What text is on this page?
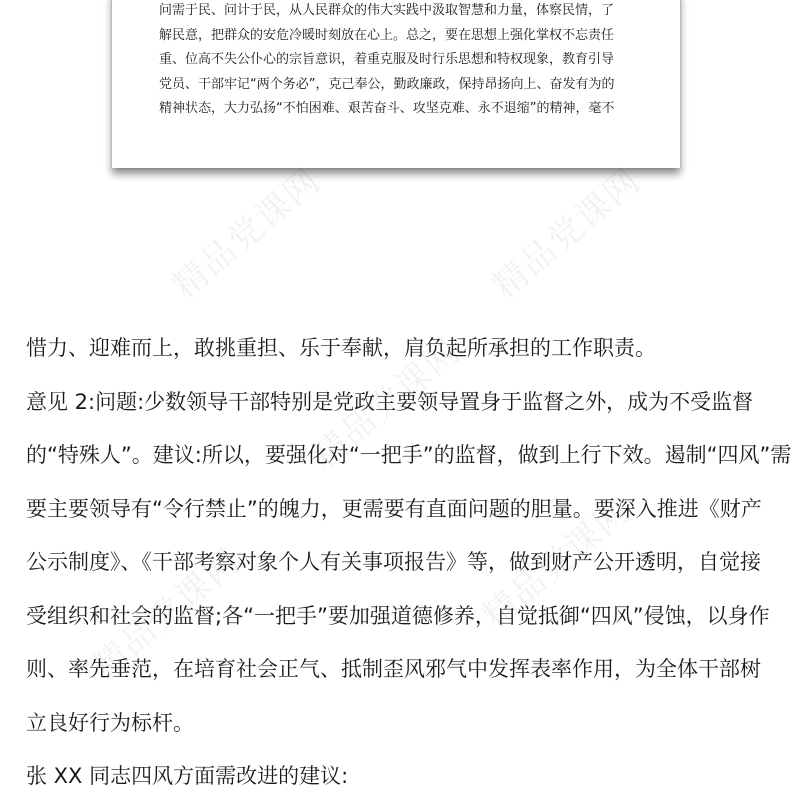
问需于民、问计于民，从人民群众的伟大实践中汲取智慧和力量，体察民情，了
解民意，把群众的安危冷暖时刻放在心上。总之，要在思想上强化掌权不忘责任
重、位高不失公仆心的宗旨意识，着重克服及时行乐思想和特权现象，教育引导
党员、干部牢记“两个务必”，克己奉公，勤政廉政，保持昂扬向上、奋发有为的
精神状态，大力弘扬“不怕困难、艰苦奋斗、攻坚克难、永不退缩”的精神，毫不
精品党课网	精品党课网
精品党课网
精品党课网
精品党课网
惜力、迎难而上，敢挑重担、乐于奉献，肩负起所承担的工作职责。
意见 2:问题:少数领导干部特别是党政主要领导置身于监督之外，成为不受监督
的“特殊人”。建议:所以，要强化对“一把手”的监督，做到上行下效。遏制“四风”需
要主要领导有“令行禁止”的魄力，更需要有直面问题的胆量。要深入推进《财产
公示制度》、《干部考察对象个人有关事项报告》等，做到财产公开透明，自觉接
受组织和社会的监督;各“一把手”要加强道德修养，自觉抵御“四风”侵蚀，以身作
则、率先垂范，在培育社会正气、抵制歪风邪气中发挥表率作用，为全体干部树
立良好行为标杆。
张 XX 同志四风方面需改进的建议:
